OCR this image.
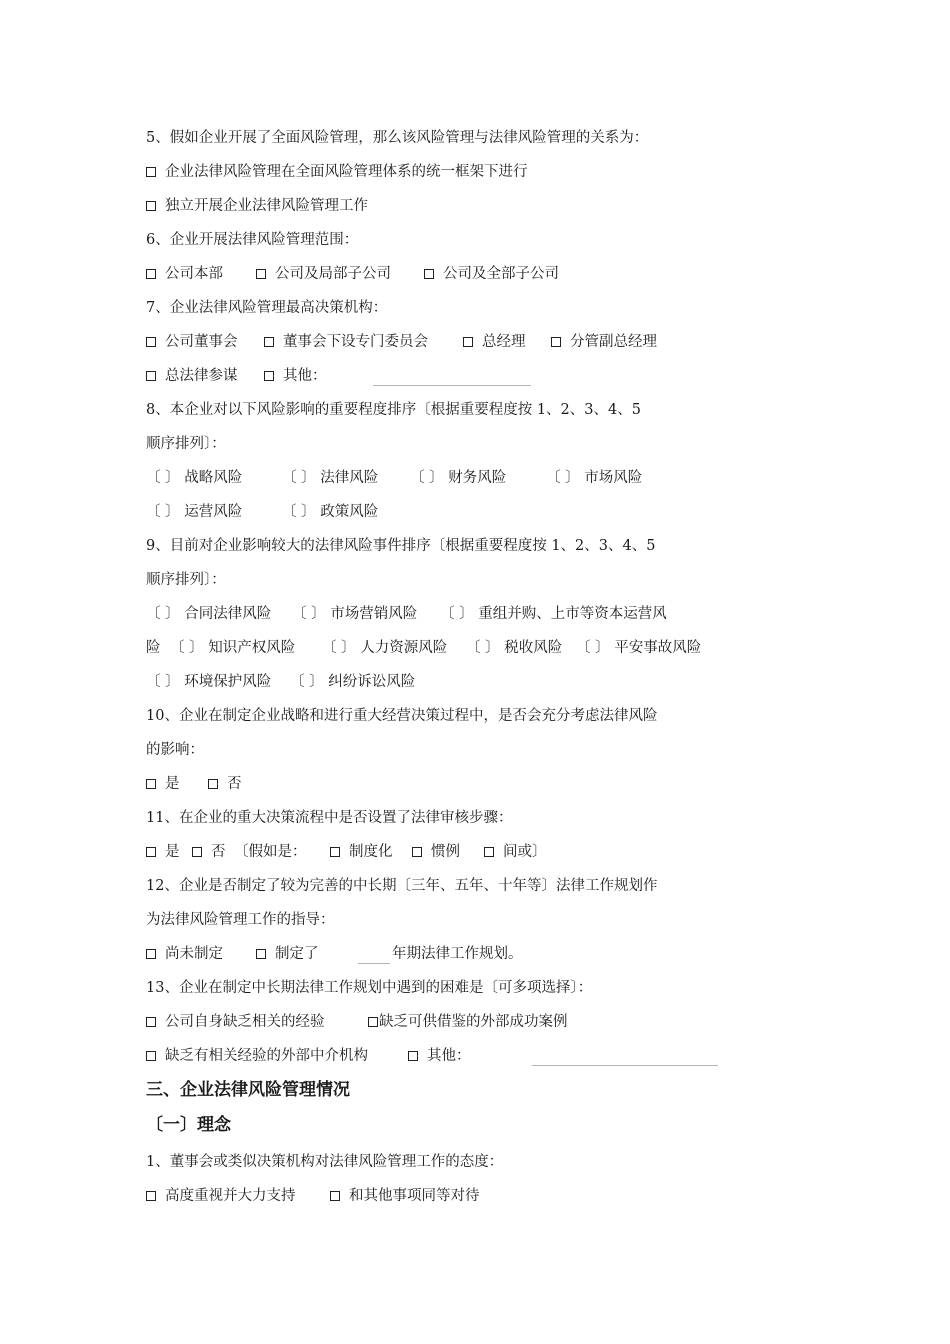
5、假如企业开展了全面风险管理，那么该风险管理与法律风险管理的关系为：
企业法律风险管理在全面风险管理体系的统一框架下进行
独立开展企业法律风险管理工作
6、企业开展法律风险管理范围：
公司本部	公司及局部子公司	公司及全部子公司
7、企业法律风险管理最高决策机构：
公司董事会	董事会下设专门委员会	总经理	分管副总经理
总法律参谋	其他：
8、本企业对以下风险影响的重要程度排序〔根据重要程度按 1、2、3、4、5
顺序排列〕：
〔 〕 战略风险	〔 〕 法律风险 〔 〕 财务风险	〔 〕 市场风险
〔 〕 运营风险	〔 〕 政策风险
9、目前对企业影响较大的法律风险事件排序〔根据重要程度按 1、2、3、4、5
顺序排列〕：
〔 〕 合同法律风险 〔 〕 市场营销风险 〔 〕 重组并购、上市等资本运营风
险 〔 〕 知识产权风险 〔 〕 人力资源风险 〔 〕 税收风险 〔 〕 平安事故风险
〔 〕 环境保护风险 〔 〕 纠纷诉讼风险
10、企业在制定企业战略和进行重大经营决策过程中，是否会充分考虑法律风险
的影响：
是	否
11、在企业的重大决策流程中是否设置了法律审核步骤：
是 否 〔假如是：	制度化	惯例	间或〕
12、企业是否制定了较为完善的中长期〔三年、五年、十年等〕法律工作规划作
为法律风险管理工作的指导：
尚未制定	制定了	年期法律工作规划。
13、企业在制定中长期法律工作规划中遇到的困难是〔可多项选择〕：
公司自身缺乏相关的经验	缺乏可供借鉴的外部成功案例
缺乏有相关经验的外部中介机构	其他：
三、企业法律风险管理情况
〔一〕理念
1、董事会或类似决策机构对法律风险管理工作的态度：
高度重视并大力支持	和其他事项同等对待
